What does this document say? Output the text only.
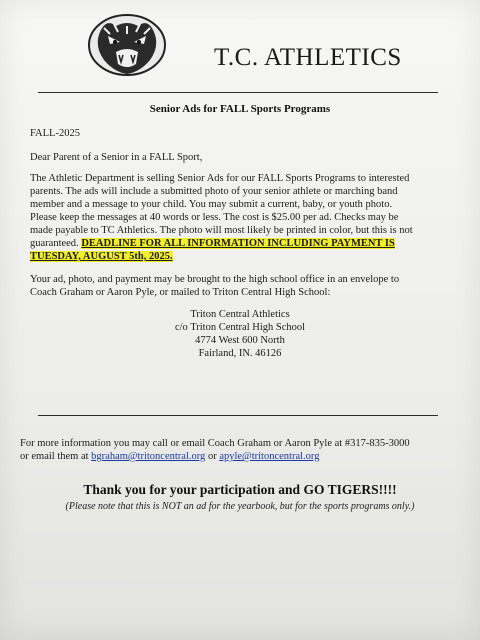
T.C. ATHLETICS
Senior Ads for FALL Sports Programs
FALL-2025
Dear Parent of a Senior in a FALL Sport,
The Athletic Department is selling Senior Ads for our FALL Sports Programs to interested
parents. The ads will include a submitted photo of your senior athlete or marching band
member and a message to your child. You may submit a current, baby, or youth photo.
Please keep the messages at 40 words or less. The cost is $25.00 per ad. Checks may be
made payable to TC Athletics. The photo will most likely be printed in color, but this is not
guaranteed. DEADLINE FOR ALL INFORMATION INCLUDING PAYMENT IS
TUESDAY, AUGUST 5th, 2025.
Your ad, photo, and payment may be brought to the high school office in an envelope to
Coach Graham or Aaron Pyle, or mailed to Triton Central High School:
Triton Central Athletics
c/o Triton Central High School
4774 West 600 North
Fairland, IN. 46126
For more information you may call or email Coach Graham or Aaron Pyle at #317-835-3000
or email them at bgraham@tritoncentral.org or apyle@tritoncentral.org
Thank you for your participation and GO TIGERS!!!!
(Please note that this is NOT an ad for the yearbook, but for the sports programs only.)
